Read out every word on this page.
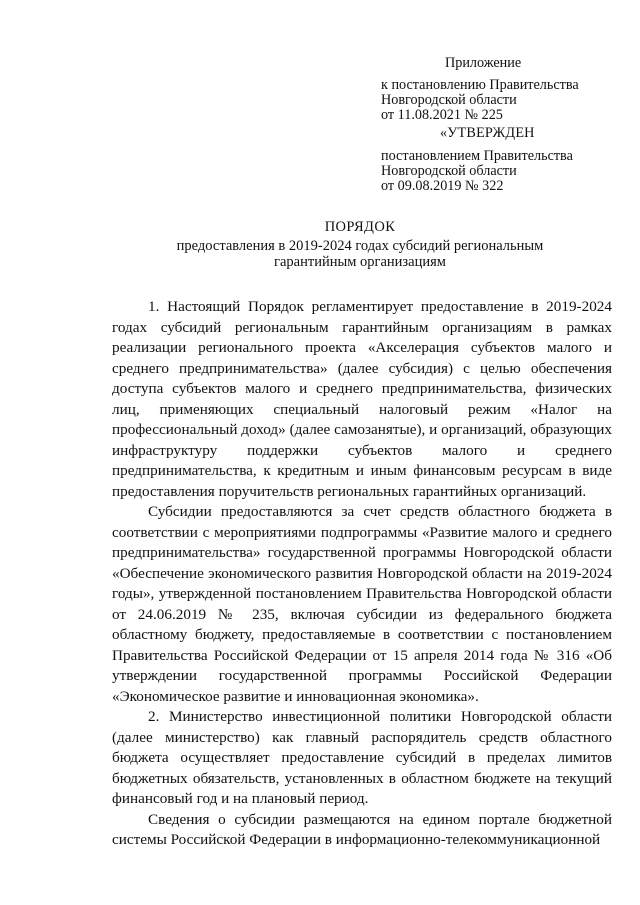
Приложение
к постановлению Правительства
Новгородской области
от 11.08.2021 № 225
«УТВЕРЖДЕН
постановлением Правительства
Новгородской области
от 09.08.2019 № 322
ПОРЯДОК
предоставления в 2019-2024 годах субсидий региональным
гарантийным организациям

1. Настоящий Порядок регламентирует предоставление в 2019-2024 годах субсидий региональным гарантийным организациям в рамках реализации регионального проекта «Акселерация субъектов малого и среднего предпринимательства» (далее субсидия) с целью обеспечения доступа субъектов малого и среднего предпринимательства, физических лиц, применяющих специальный налоговый режим «Налог на профессиональный доход» (далее самозанятые), и организаций, образующих инфраструктуру поддержки субъектов малого и среднего предпринимательства, к кредитным и иным финансовым ресурсам в виде предоставления поручительств региональных гарантийных организаций.

Субсидии предоставляются за счет средств областного бюджета в соответствии с мероприятиями подпрограммы «Развитие малого и среднего предпринимательства» государственной программы Новгородской области «Обеспечение экономического развития Новгородской области на 2019-2024 годы», утвержденной постановлением Правительства Новгородской области от 24.06.2019 № 235, включая субсидии из федерального бюджета областному бюджету, предоставляемые в соответствии с постановлением Правительства Российской Федерации от 15 апреля 2014 года № 316 «Об утверждении государственной программы Российской Федерации «Экономическое развитие и инновационная экономика».

2. Министерство инвестиционной политики Новгородской области (далее министерство) как главный распорядитель средств областного бюджета осуществляет предоставление субсидий в пределах лимитов бюджетных обязательств, установленных в областном бюджете на текущий финансовый год и на плановый период.

Сведения о субсидии размещаются на едином портале бюджетной системы Российской Федерации в информационно-телекоммуникационной
